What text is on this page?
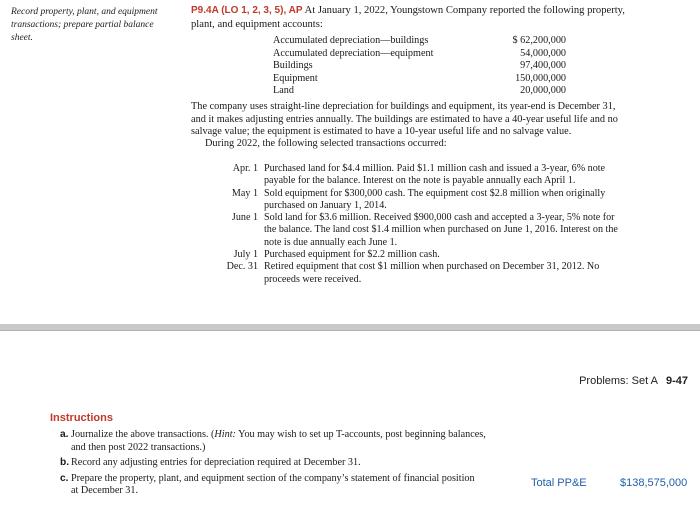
Record property, plant, and equipment transactions; prepare partial balance sheet.
P9.4A (LO 1, 2, 3, 5), AP At January 1, 2022, Youngstown Company reported the following property,
plant, and equipment accounts:
Accumulated depreciation—buildings
Accumulated depreciation—equipment
Buildings
Equipment
Land
$ 62,200,000
54,000,000
97,400,000
150,000,000
20,000,000
The company uses straight-line depreciation for buildings and equipment, its year-end is December 31,
and it makes adjusting entries annually. The buildings are estimated to have a 40-year useful life and no
salvage value; the equipment is estimated to have a 10-year useful life and no salvage value.
During 2022, the following selected transactions occurred:
Apr. 1 Purchased land for $4.4 million. Paid $1.1 million cash and issued a 3-year, 6% note
payable for the balance. Interest on the note is payable annually each April 1.
May 1 Sold equipment for $300,000 cash. The equipment cost $2.8 million when originally
purchased on January 1, 2014.
June 1 Sold land for $3.6 million. Received $900,000 cash and accepted a 3-year, 5% note for
the balance. The land cost $1.4 million when purchased on June 1, 2016. Interest on the
note is due annually each June 1.
July 1 Purchased equipment for $2.2 million cash.
Dec. 31 Retired equipment that cost $1 million when purchased on December 31, 2012. No
proceeds were received.
Problems: Set A 9-47
Instructions
a. Journalize the above transactions. (Hint: You may wish to set up T-accounts, post beginning balances,
and then post 2022 transactions.)
b. Record any adjusting entries for depreciation required at December 31.
c. Prepare the property, plant, and equipment section of the company’s statement of financial position
at December 31.
Total PP&E	$138,575,000
